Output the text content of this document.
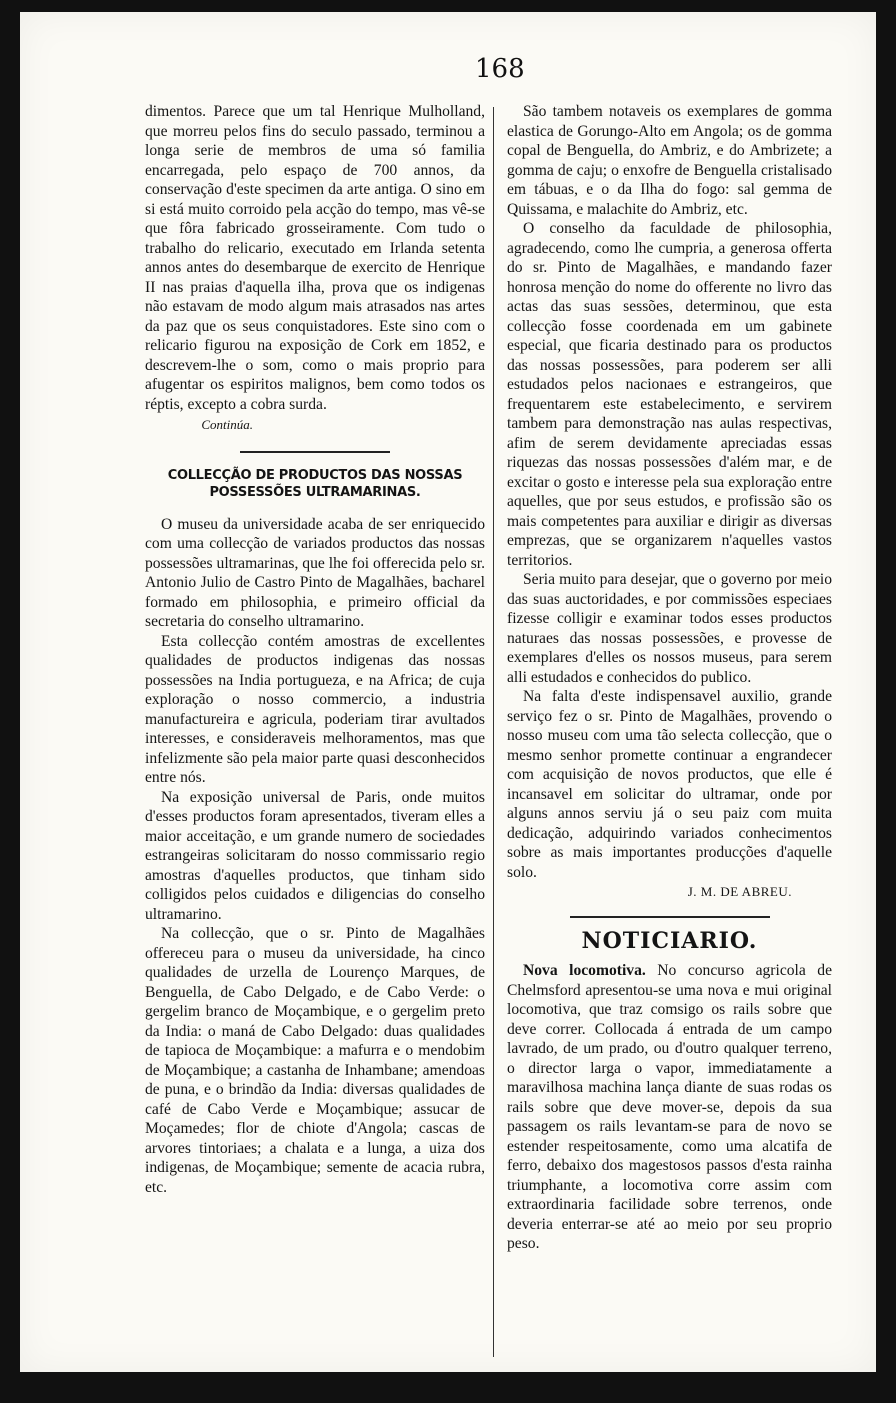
168

dimentos. Parece que um tal Henrique Mulholland, que morreu pelos fins do seculo passado, terminou a longa serie de membros de uma só familia encarregada, pelo espaço de 700 annos, da conservação d'este specimen da arte antiga. O sino em si está muito corroido pela acção do tempo, mas vê-se que fôra fabricado grosseiramente. Com tudo o trabalho do relicario, executado em Irlanda setenta annos antes do desembarque de exercito de Henrique II nas praias d'aquella ilha, prova que os indigenas não estavam de modo algum mais atrasados nas artes da paz que os seus conquistadores. Este sino com o relicario figurou na exposição de Cork em 1852, e descrevem-lhe o som, como o mais proprio para afugentar os espiritos malignos, bem como todos os réptis, excepto a cobra surda.

Continúa.

COLLECÇÃO DE PRODUCTOS DAS NOSSAS POSSESSÕES ULTRAMARINAS.

O museu da universidade acaba de ser enriquecido com uma collecção de variados productos das nossas possessões ultramarinas, que lhe foi offerecida pelo sr. Antonio Julio de Castro Pinto de Magalhães, bacharel formado em philosophia, e primeiro official da secretaria do conselho ultramarino.

Esta collecção contém amostras de excellentes qualidades de productos indigenas das nossas possessões na India portugueza, e na Africa; de cuja exploração o nosso commercio, a industria manufactureira e agricula, poderiam tirar avultados interesses, e consideraveis melhoramentos, mas que infelizmente são pela maior parte quasi desconhecidos entre nós.

Na exposição universal de Paris, onde muitos d'esses productos foram apresentados, tiveram elles a maior acceitação, e um grande numero de sociedades estrangeiras solicitaram do nosso commissario regio amostras d'aquelles productos, que tinham sido colligidos pelos cuidados e diligencias do conselho ultramarino.

Na collecção, que o sr. Pinto de Magalhães offereceu para o museu da universidade, ha cinco qualidades de urzella de Lourenço Marques, de Benguella, de Cabo Delgado, e de Cabo Verde: o gergelim branco de Moçambique, e o gergelim preto da India: o maná de Cabo Delgado: duas qualidades de tapioca de Moçambique: a mafurra e o mendobim de Moçambique; a castanha de Inhambane; amendoas de puna, e o brindão da India: diversas qualidades de café de Cabo Verde e Moçambique; assucar de Moçamedes; flor de chiote d'Angola; cascas de arvores tintoriaes; a chalata e a lunga, a uiza dos indigenas, de Moçambique; semente de acacia rubra, etc.

São tambem notaveis os exemplares de gomma elastica de Gorungo-Alto em Angola; os de gomma copal de Benguella, do Ambriz, e do Ambrizete; a gomma de caju; o enxofre de Benguella cristalisado em tábuas, e o da Ilha do fogo: sal gemma de Quissama, e malachite do Ambriz, etc.

O conselho da faculdade de philosophia, agradecendo, como lhe cumpria, a generosa offerta do sr. Pinto de Magalhães, e mandando fazer honrosa menção do nome do offerente no livro das actas das suas sessões, determinou, que esta collecção fosse coordenada em um gabinete especial, que ficaria destinado para os productos das nossas possessões, para poderem ser alli estudados pelos nacionaes e estrangeiros, que frequentarem este estabelecimento, e servirem tambem para demonstração nas aulas respectivas, afim de serem devidamente apreciadas essas riquezas das nossas possessões d'além mar, e de excitar o gosto e interesse pela sua exploração entre aquelles, que por seus estudos, e profissão são os mais competentes para auxiliar e dirigir as diversas emprezas, que se organizarem n'aquelles vastos territorios.

Seria muito para desejar, que o governo por meio das suas auctoridades, e por commissões especiaes fizesse colligir e examinar todos esses productos naturaes das nossas possessões, e provesse de exemplares d'elles os nossos museus, para serem alli estudados e conhecidos do publico.

Na falta d'este indispensavel auxilio, grande serviço fez o sr. Pinto de Magalhães, provendo o nosso museu com uma tão selecta collecção, que o mesmo senhor promette continuar a engrandecer com acquisição de novos productos, que elle é incansavel em solicitar do ultramar, onde por alguns annos serviu já o seu paiz com muita dedicação, adquirindo variados conhecimentos sobre as mais importantes producções d'aquelle solo.

J. M. DE ABREU.

NOTICIARIO.

Nova locomotiva. No concurso agricola de Chelmsford apresentou-se uma nova e mui original locomotiva, que traz comsigo os rails sobre que deve correr. Collocada á entrada de um campo lavrado, de um prado, ou d'outro qualquer terreno, o director larga o vapor, immediatamente a maravilhosa machina lança diante de suas rodas os rails sobre que deve mover-se, depois da sua passagem os rails levantam-se para de novo se estender respeitosamente, como uma alcatifa de ferro, debaixo dos magestosos passos d'esta rainha triumphante, a locomotiva corre assim com extraordinaria facilidade sobre terrenos, onde deveria enterrar-se até ao meio por seu proprio peso.
